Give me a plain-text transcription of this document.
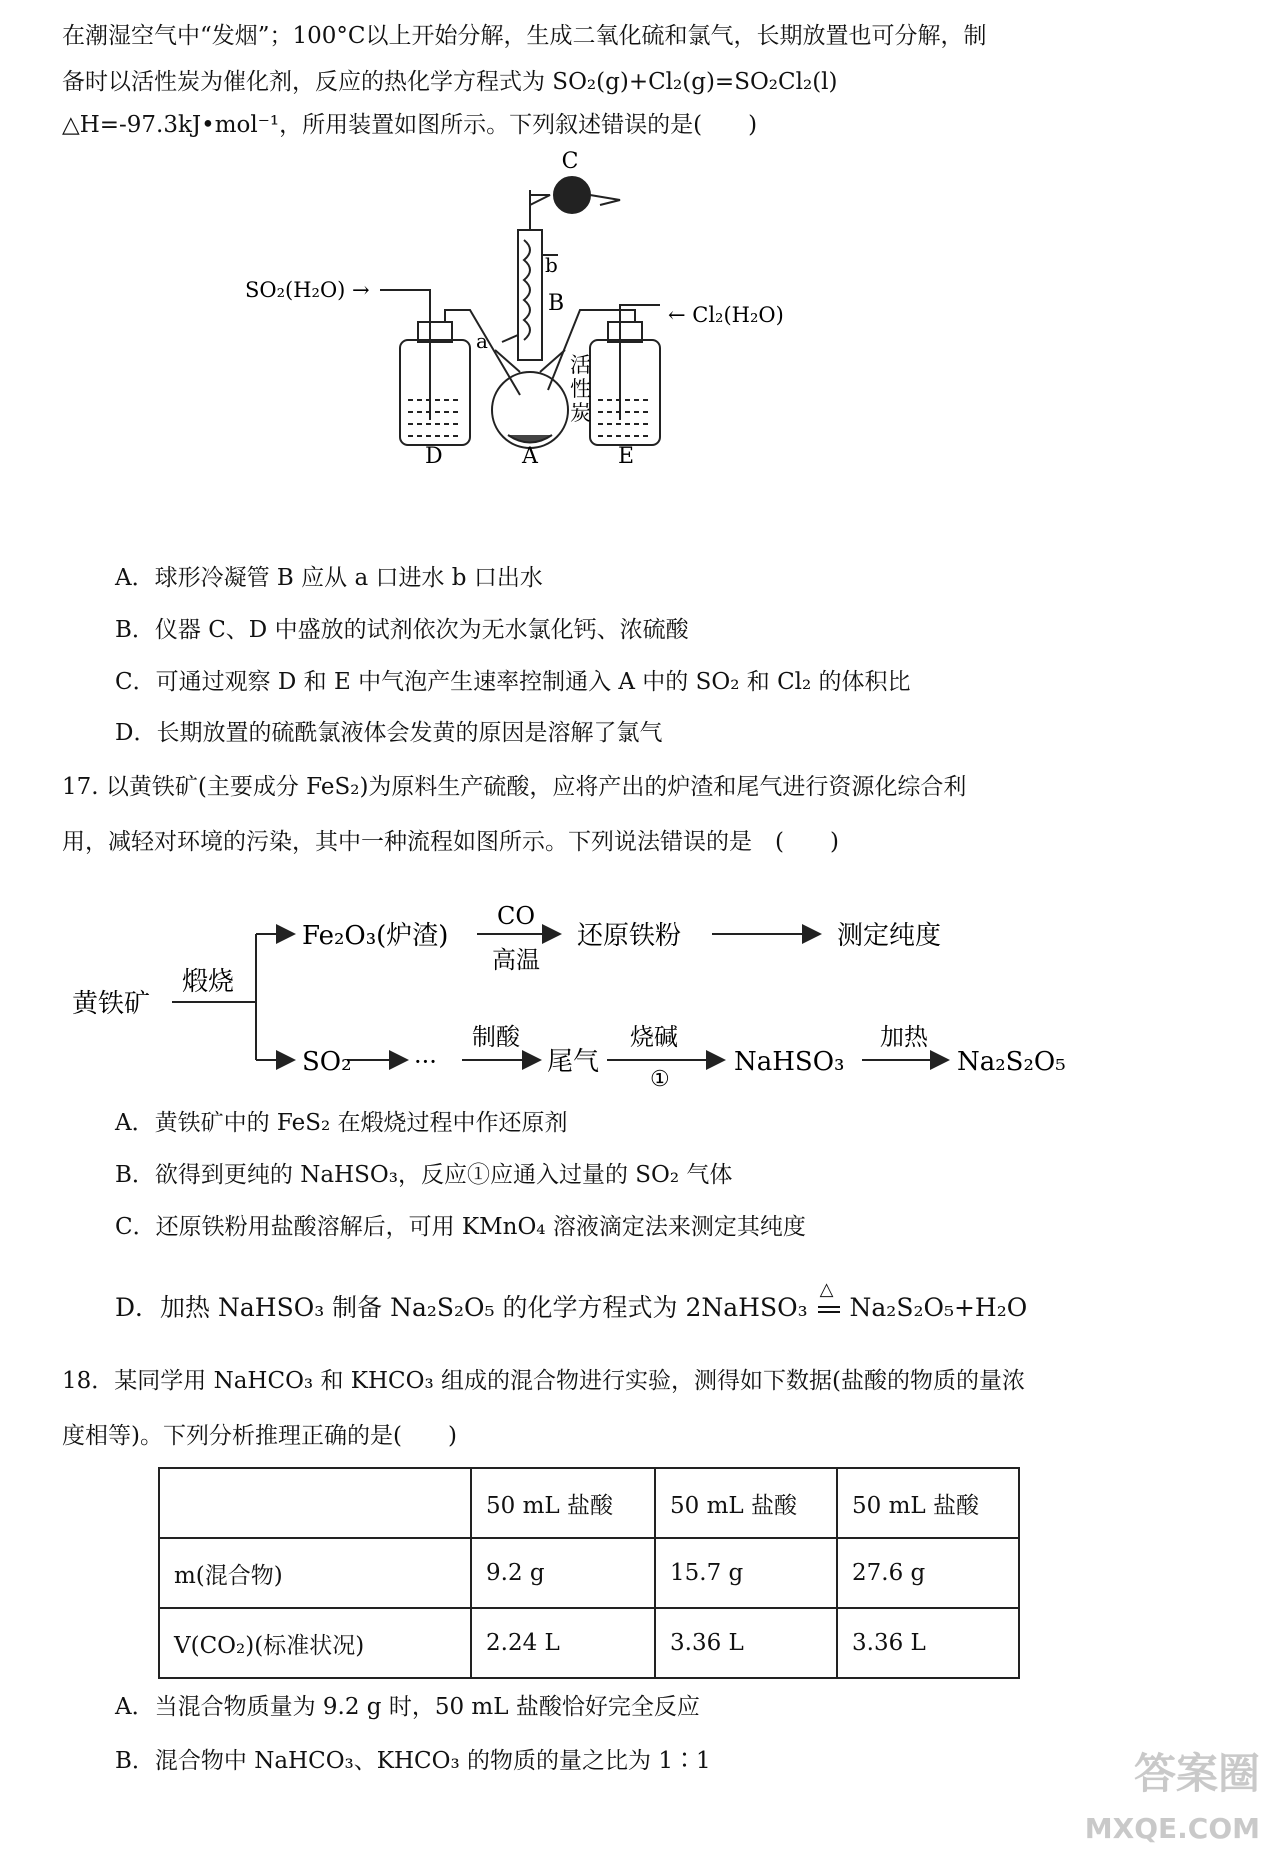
在潮湿空气中“发烟”；100°C以上开始分解，生成二氧化硫和氯气，长期放置也可分解，制
备时以活性炭为催化剂，反应的热化学方程式为 SO₂(g)+Cl₂(g)=SO₂Cl₂(l)
△H=-97.3kJ•mol⁻¹，所用装置如图所示。下列叙述错误的是(　　)
C
b
B
a
SO₂(H₂O) →
← Cl₂(H₂O)
活
性
炭
D	A	E
A．球形冷凝管 B 应从 a 口进水 b 口出水
B．仪器 C、D 中盛放的试剂依次为无水氯化钙、浓硫酸
C．可通过观察 D 和 E 中气泡产生速率控制通入 A 中的 SO₂ 和 Cl₂ 的体积比
D．长期放置的硫酰氯液体会发黄的原因是溶解了氯气
17. 以黄铁矿(主要成分 FeS₂)为原料生产硫酸，应将产出的炉渣和尾气进行资源化综合利
用，减轻对环境的污染，其中一种流程如图所示。下列说法错误的是　(　　)
黄铁矿
煅烧
Fe₂O₃(炉渣)
CO
高温
还原铁粉	测定纯度
SO₂	···
制酸
尾气
烧碱
①
NaHSO₃
加热
Na₂S₂O₅
A．黄铁矿中的 FeS₂ 在煅烧过程中作还原剂
B．欲得到更纯的 NaHSO₃，反应①应通入过量的 SO₂ 气体
C．还原铁粉用盐酸溶解后，可用 KMnO₄ 溶液滴定法来测定其纯度
D．加热 NaHSO₃ 制备 Na₂S₂O₅ 的化学方程式为 2NaHSO₃
△
Na₂S₂O₅+H₂O
18．某同学用 NaHCO₃ 和 KHCO₃ 组成的混合物进行实验，测得如下数据(盐酸的物质的量浓
度相等)。下列分析推理正确的是(　　)
	50 mL 盐酸	50 mL 盐酸	50 mL 盐酸
m(混合物)	9.2 g	15.7 g	27.6 g
V(CO₂)(标准状况)	2.24 L	3.36 L	3.36 L
A．当混合物质量为 9.2 g 时，50 mL 盐酸恰好完全反应
B．混合物中 NaHCO₃、KHCO₃ 的物质的量之比为 1∶1	答案圈
MXQE.COM
